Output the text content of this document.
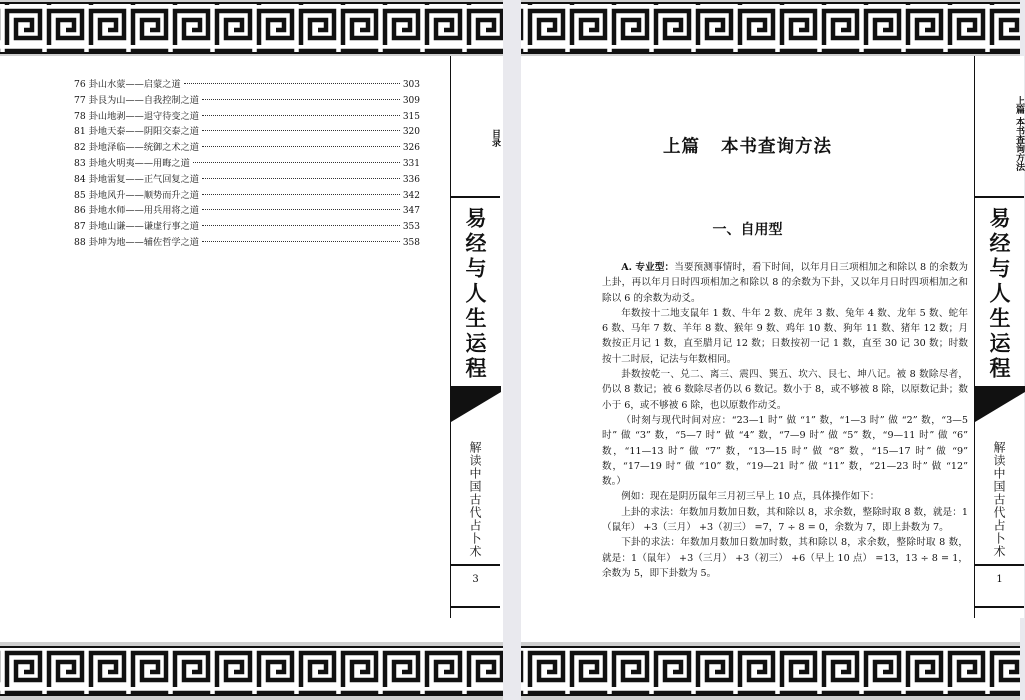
76 卦山水蒙——启蒙之道	303
77 卦艮为山——自我控制之道	309
78 卦山地剥——退守待变之道	315
81 卦地天泰——阴阳交泰之道	320
82 卦地泽临——统御之术之道	326
83 卦地火明夷——用晦之道	331
84 卦地雷复——正气回复之道	336
85 卦地风升——顺势而升之道	342
86 卦地水师——用兵用将之道	347
87 卦地山谦——谦虚行事之道	353
88 卦坤为地——辅佐哲学之道	358
目录
易经与人生运程
解读中国古代占卜术
3
上篇 本书查询方法
一、自用型

A. 专业型：当要预测事情时，看下时间，以年月日三项相加之和除以 8 的余数为上卦，再以年月日时四项相加之和除以 8 的余数为下卦，又以年月日时四项相加之和除以 6 的余数为动爻。

年数按十二地支鼠年 1 数、牛年 2 数、虎年 3 数、兔年 4 数、龙年 5 数、蛇年 6 数、马年 7 数、羊年 8 数、猴年 9 数、鸡年 10 数、狗年 11 数、猪年 12 数；月数按正月记 1 数，直至腊月记 12 数；日数按初一记 1 数，直至 30 记 30 数；时数按十二时辰，记法与年数相同。

卦数按乾一、兑二、离三、震四、巽五、坎六、艮七、坤八记。被 8 数除尽者，仍以 8 数记；被 6 数除尽者仍以 6 数记。数小于 8，或不够被 8 除，以原数记卦；数小于 6，或不够被 6 除，也以原数作动爻。

（时刻与现代时间对应：“23—1 时” 做 “1” 数，“1—3 时” 做 “2” 数，“3—5 时” 做 “3” 数，“5—7 时” 做 “4” 数，“7—9 时” 做 “5” 数，“9—11 时” 做 “6” 数，“11—13 时” 做 “7” 数，“13—15 时” 做 “8” 数，“15—17 时” 做 “9” 数，“17—19 时” 做 “10” 数，“19—21 时” 做 “11” 数，“21—23 时” 做 “12” 数。）

例如：现在是阴历鼠年三月初三早上 10 点，具体操作如下：

上卦的求法：年数加月数加日数，其和除以 8，求余数，整除时取 8 数，就是：1（鼠年） +3（三月） +3（初三） =7，7 ÷ 8 = 0，余数为 7，即上卦数为 7。

下卦的求法：年数加月数加日数加时数，其和除以 8，求余数，整除时取 8 数，就是：1（鼠年） +3（三月） +3（初三） +6（早上 10 点） =13，13 ÷ 8 = 1，余数为 5，即下卦数为 5。

上篇 本书查询方法
易经与人生运程
解读中国古代占卜术
1
